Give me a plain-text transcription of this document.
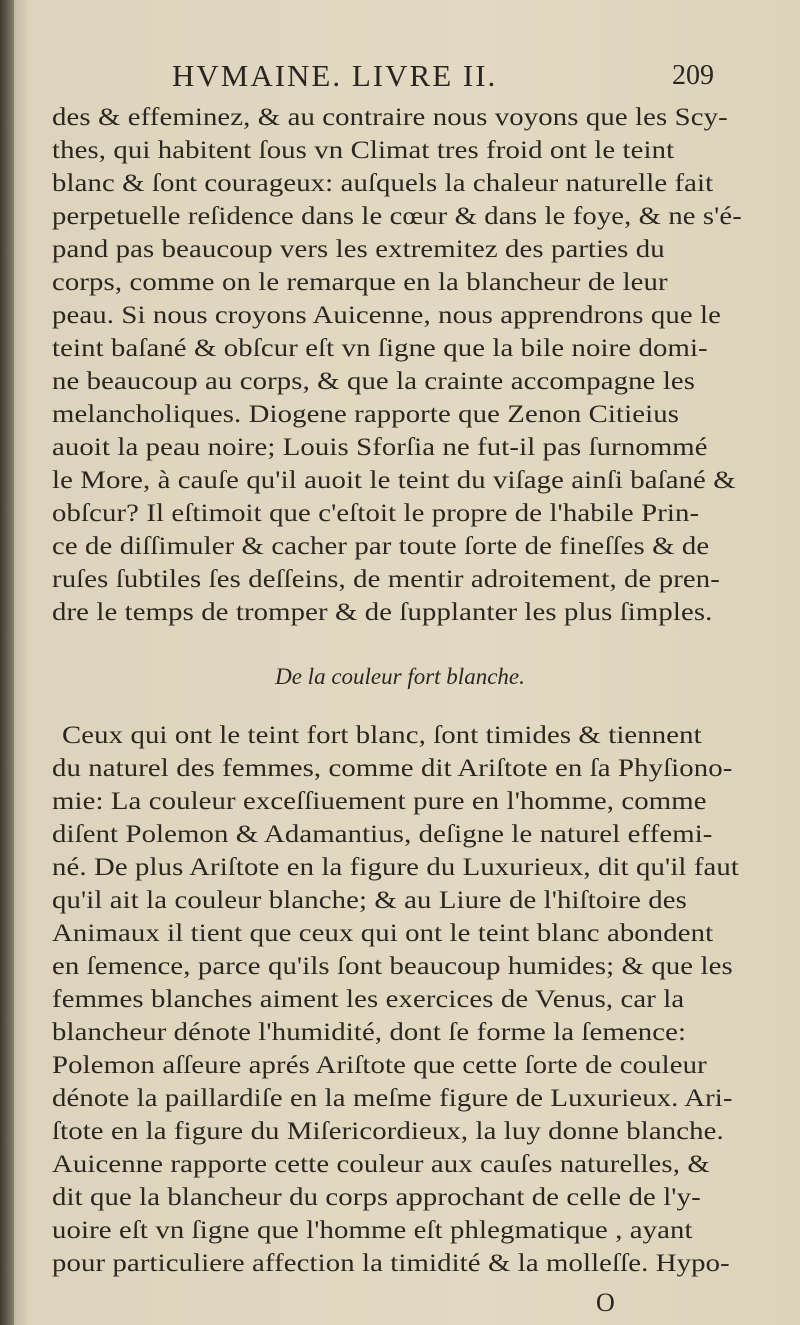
HVMAINE. LIVRE II.	209
des & effeminez, & au contraire nous voyons que les Scy-
thes, qui habitent ſous vn Climat tres froid ont le teint
blanc & ſont courageux: auſquels la chaleur naturelle fait
perpetuelle reſidence dans le cœur & dans le foye, & ne s'é-
pand pas beaucoup vers les extremitez des parties du
corps, comme on le remarque en la blancheur de leur
peau. Si nous croyons Auicenne, nous apprendrons que le
teint baſané & obſcur eſt vn ſigne que la bile noire domi-
ne beaucoup au corps, & que la crainte accompagne les
melancholiques. Diogene rapporte que Zenon Citieius
auoit la peau noire; Louis Sforſia ne fut-il pas ſurnommé
le More, à cauſe qu'il auoit le teint du viſage ainſi baſané &
obſcur? Il eſtimoit que c'eſtoit le propre de l'habile Prin-
ce de diſſimuler & cacher par toute ſorte de fineſſes & de
ruſes ſubtiles ſes deſſeins, de mentir adroitement, de pren-
dre le temps de tromper & de ſupplanter les plus ſimples.
De la couleur fort blanche.
Ceux qui ont le teint fort blanc, ſont timides & tiennent
du naturel des femmes, comme dit Ariſtote en ſa Phyſiono-
mie: La couleur exceſſiuement pure en l'homme, comme
diſent Polemon & Adamantius, deſigne le naturel effemi-
né. De plus Ariſtote en la figure du Luxurieux, dit qu'il faut
qu'il ait la couleur blanche; & au Liure de l'hiſtoire des
Animaux il tient que ceux qui ont le teint blanc abondent
en ſemence, parce qu'ils ſont beaucoup humides; & que les
femmes blanches aiment les exercices de Venus, car la
blancheur dénote l'humidité, dont ſe forme la ſemence:
Polemon aſſeure aprés Ariſtote que cette ſorte de couleur
dénote la paillardiſe en la meſme figure de Luxurieux. Ari-
ſtote en la figure du Miſericordieux, la luy donne blanche.
Auicenne rapporte cette couleur aux cauſes naturelles, &
dit que la blancheur du corps approchant de celle de l'y-
uoire eſt vn ſigne que l'homme eſt phlegmatique , ayant
pour particuliere affection la timidité & la molleſſe. Hypo-
O
